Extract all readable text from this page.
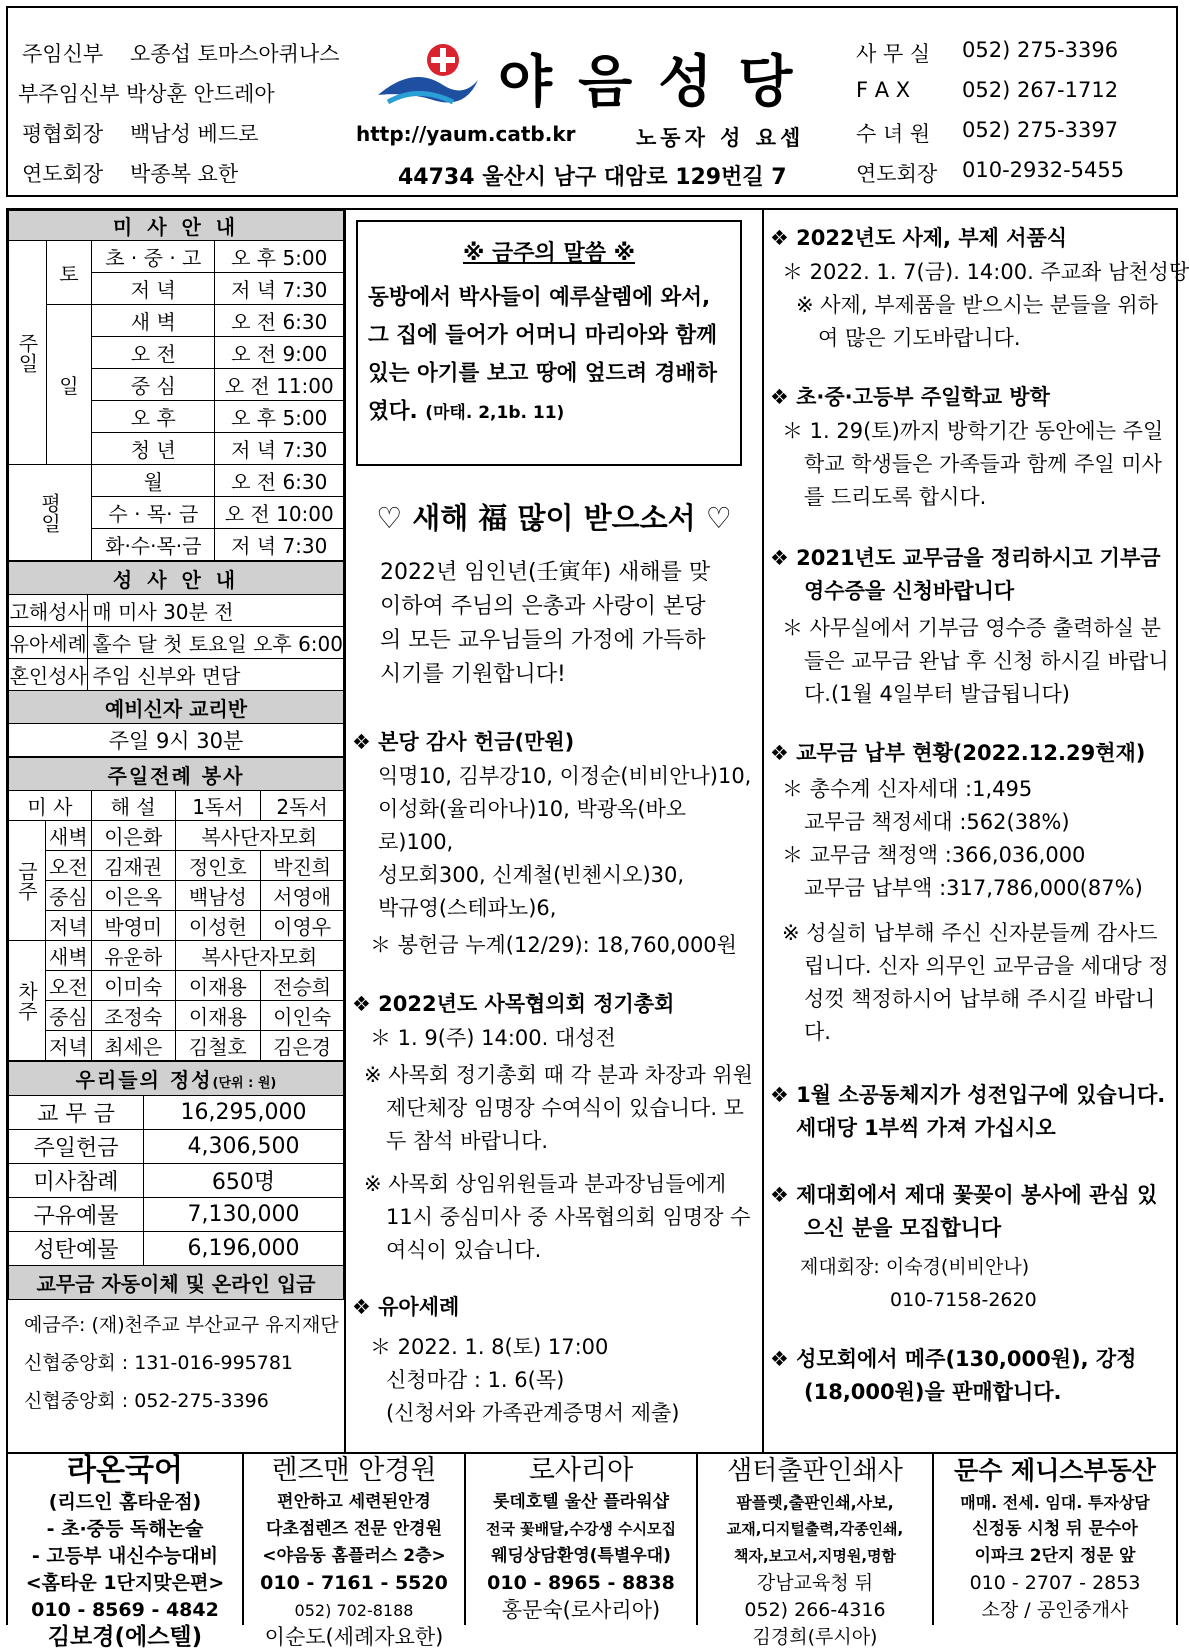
주임신부 오종섭 토마스아퀴나스
부주임신부 박상훈 안드레아
평협회장 백남성 베드로
연도회장 박종복 요한
야음성당
http://yaum.catb.kr	노동자 성 요셉
44734 울산시 남구 대암로 129번길 7
사 무 실 052) 275-3396
F A X 052) 267-1712
수 녀 원 052) 275-3397
연도회장 010-2932-5455
미 사 안 내			
주일	토	초 · 중 · 고	오 후 5:00
		저 녁	저 녁 7:30
	일	새 벽	오 전 6:30
		오 전	오 전 9:00
		중 심	오 전 11:00
		오 후	오 후 5:00
		청 년	저 녁 7:30
평일		월	오 전 6:30
		수 · 목· 금	오 전 10:00
		화·수·목·금	저 녁 7:30
성 사 안 내	
고해성사	매 미사 30분 전
유아세례	홀수 달 첫 토요일 오후 6:00
혼인성사	주임 신부와 면담
예비신자 교리반	
주일 9시 30분	
주일전례 봉사				
미 사		해 설	1독서	2독서
금주	새벽	이은화	복사단자모회	
	오전	김재권	정인호	박진희
	중심	이은옥	백남성	서영애
	저녁	박영미	이성헌	이영우
차주	새벽	유운하	복사단자모회	
	오전	이미숙	이재용	전승희
	중심	조정숙	이재용	이인숙
	저녁	최세은	김철호	김은경
우리들의 정성(단위 : 원)	
교 무 금	16,295,000
주일헌금	4,306,500
미사참례	650명
구유예물	7,130,000
성탄예물	6,196,000
교무금 자동이체 및 온라인 입금	
예금주: (재)천주교 부산교구 유지재단
신협중앙회 : 131-016-995781
신협중앙회 : 052-275-3396
※ 금주의 말씀 ※
동방에서 박사들이 예루살렘에 와서, 그 집에 들어가 어머니 마리아와 함께 있는 아기를 보고 땅에 엎드려 경배하였다. (마태. 2,1b. 11)
♡ 새해 福 많이 받으소서 ♡
2022년 임인년(壬寅年) 새해를 맞이하여 주님의 은총과 사랑이 본당의 모든 교우님들의 가정에 가득하시기를 기원합니다!
❖ 본당 감사 헌금(만원)
익명10, 김부강10, 이정순(비비안나)10,
이성화(율리아나)10, 박광옥(바오로)100,
성모회300, 신계철(빈첸시오)30,
박규영(스테파노)6,
＊ 봉헌금 누계(12/29): 18,760,000원
❖ 2022년도 사목협의회 정기총회
＊ 1. 9(주) 14:00. 대성전
※ 사목회 정기총회 때 각 분과 차장과 위원 제단체장 임명장 수여식이 있습니다. 모두 참석 바랍니다.
※ 사목회 상임위원들과 분과장님들에게 11시 중심미사 중 사목협의회 임명장 수여식이 있습니다.
❖ 유아세례
＊ 2022. 1. 8(토) 17:00
신청마감 : 1. 6(목)
(신청서와 가족관계증명서 제출)
❖ 2022년도 사제, 부제 서품식
＊ 2022. 1. 7(금). 14:00. 주교좌 남천성당
※ 사제, 부제품을 받으시는 분들을 위하여 많은 기도바랍니다.
❖ 초·중·고등부 주일학교 방학
＊ 1. 29(토)까지 방학기간 동안에는 주일학교 학생들은 가족들과 함께 주일 미사를 드리도록 합시다.
❖ 2021년도 교무금을 정리하시고 기부금 영수증을 신청바랍니다
＊ 사무실에서 기부금 영수증 출력하실 분들은 교무금 완납 후 신청 하시길 바랍니다.(1월 4일부터 발급됩니다)
❖ 교무금 납부 현황(2022.12.29현재)
＊ 총수계 신자세대 :1,495
교무금 책정세대 :562(38%)
＊ 교무금 책정액 :366,036,000
교무금 납부액 :317,786,000(87%)
※ 성실히 납부해 주신 신자분들께 감사드립니다. 신자 의무인 교무금을 세대당 정성껏 책정하시어 납부해 주시길 바랍니다.
❖ 1월 소공동체지가 성전입구에 있습니다. 세대당 1부씩 가져 가십시오
❖ 제대회에서 제대 꽃꽂이 봉사에 관심 있으신 분을 모집합니다
제대회장: 이숙경(비비안나)
010-7158-2620
❖ 성모회에서 메주(130,000원), 강정(18,000원)을 판매합니다.
라온국어
(리드인 홈타운점)
- 초·중등 독해논술
- 고등부 내신수능대비
<홈타운 1단지맞은편>
010 - 8569 - 4842
김보경(에스텔)
렌즈맨 안경원
편안하고 세련된안경
다초점렌즈 전문 안경원
<야음동 홈플러스 2층>
010 - 7161 - 5520
052) 702-8188
이순도(세례자요한)
로사리아
롯데호텔 울산 플라워샵
전국 꽃배달,수강생 수시모집
웨딩상담환영(특별우대)
010 - 8965 - 8838
홍문숙(로사리아)
샘터출판인쇄사
팜플렛,출판인쇄,사보,
교재,디지털출력,각종인쇄,
책자,보고서,지명원,명함
강남교육청 뒤
052) 266-4316
김경희(루시아)
문수 제니스부동산
매매. 전세. 임대. 투자상담
신정동 시청 뒤 문수아
이파크 2단지 정문 앞
010 - 2707 - 2853
소장 / 공인중개사
